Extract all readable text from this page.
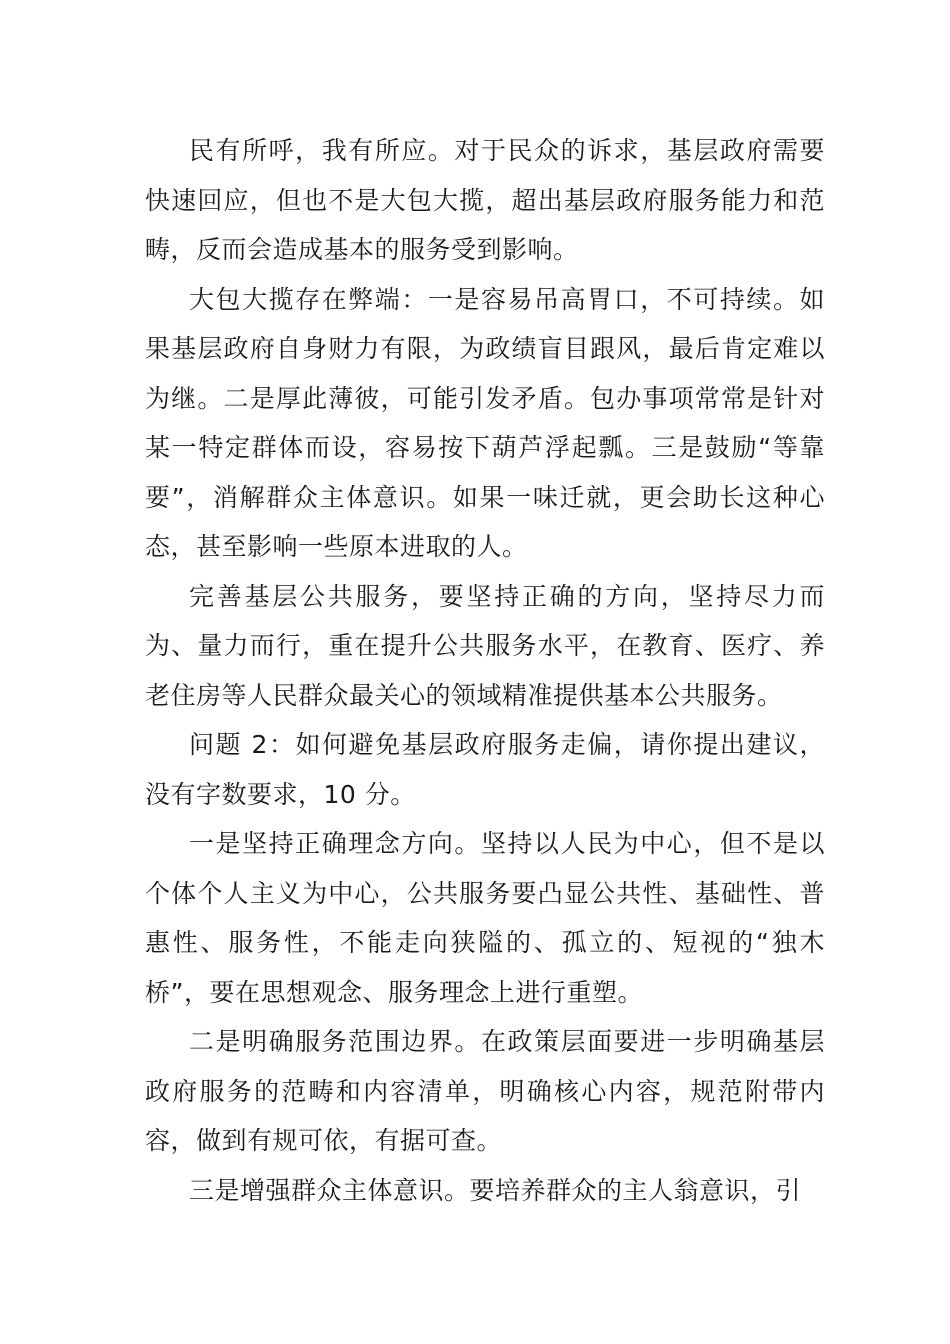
民有所呼，我有所应。对于民众的诉求，基层政府需要快速回应，但也不是大包大揽，超出基层政府服务能力和范畴，反而会造成基本的服务受到影响。

大包大揽存在弊端：一是容易吊高胃口，不可持续。如果基层政府自身财力有限，为政绩盲目跟风，最后肯定难以为继。二是厚此薄彼，可能引发矛盾。包办事项常常是针对某一特定群体而设，容易按下葫芦浮起瓢。三是鼓励“等靠要”，消解群众主体意识。如果一味迁就，更会助长这种心态，甚至影响一些原本进取的人。

完善基层公共服务，要坚持正确的方向，坚持尽力而为、量力而行，重在提升公共服务水平，在教育、医疗、养老住房等人民群众最关心的领域精准提供基本公共服务。

问题 2：如何避免基层政府服务走偏，请你提出建议，没有字数要求，10 分。

一是坚持正确理念方向。坚持以人民为中心，但不是以个体个人主义为中心，公共服务要凸显公共性、基础性、普惠性、服务性，不能走向狭隘的、孤立的、短视的“独木桥”，要在思想观念、服务理念上进行重塑。

二是明确服务范围边界。在政策层面要进一步明确基层政府服务的范畴和内容清单，明确核心内容，规范附带内容，做到有规可依，有据可查。

三是增强群众主体意识。要培养群众的主人翁意识，引
